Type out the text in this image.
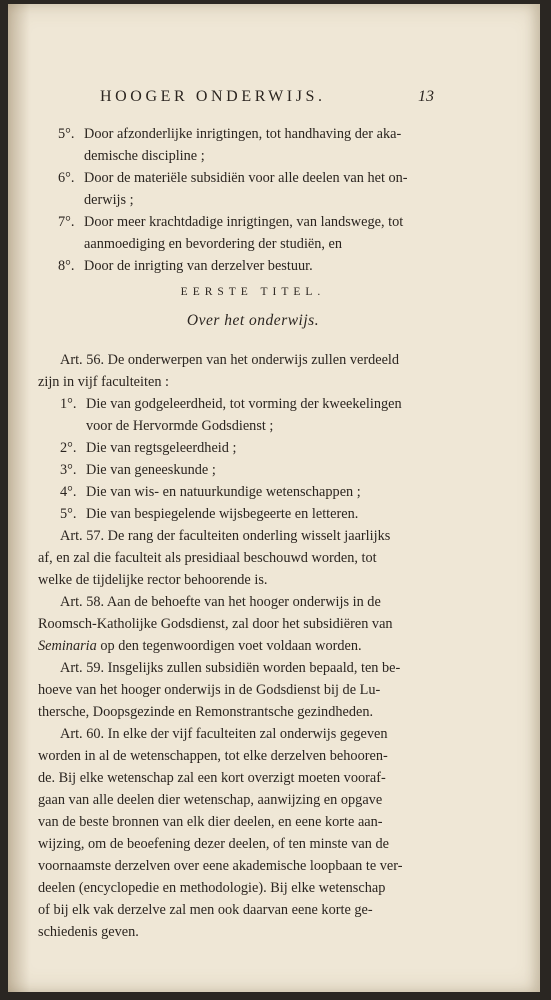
HOOGER ONDERWIJS.	13
5°. Door afzonderlijke inrigtingen, tot handhaving der aka-
demische discipline ;
6°. Door de materiële subsidiën voor alle deelen van het on-
derwijs ;
7°. Door meer krachtdadige inrigtingen, van landswege, tot
aanmoediging en bevordering der studiën, en
8°. Door de inrigting van derzelver bestuur.
EERSTE TITEL.
Over het onderwijs.
Art. 56. De onderwerpen van het onderwijs zullen verdeeld
zijn in vijf faculteiten :
1°. Die van godgeleerdheid, tot vorming der kweekelingen
voor de Hervormde Godsdienst ;
2°. Die van regtsgeleerdheid ;
3°. Die van geneeskunde ;
4°. Die van wis- en natuurkundige wetenschappen ;
5°. Die van bespiegelende wijsbegeerte en letteren.
Art. 57. De rang der faculteiten onderling wisselt jaarlijks
af, en zal die faculteit als presidiaal beschouwd worden, tot
welke de tijdelijke rector behoorende is.
Art. 58. Aan de behoefte van het hooger onderwijs in de
Roomsch-Katholijke Godsdienst, zal door het subsidiëren van
Seminaria op den tegenwoordigen voet voldaan worden.
Art. 59. Insgelijks zullen subsidiën worden bepaald, ten be-
hoeve van het hooger onderwijs in de Godsdienst bij de Lu-
thersche, Doopsgezinde en Remonstrantsche gezindheden.
Art. 60. In elke der vijf faculteiten zal onderwijs gegeven
worden in al de wetenschappen, tot elke derzelven behooren-
de. Bij elke wetenschap zal een kort overzigt moeten vooraf-
gaan van alle deelen dier wetenschap, aanwijzing en opgave
van de beste bronnen van elk dier deelen, en eene korte aan-
wijzing, om de beoefening dezer deelen, of ten minste van de
voornaamste derzelven over eene akademische loopbaan te ver-
deelen (encyclopedie en methodologie). Bij elke wetenschap
of bij elk vak derzelve zal men ook daarvan eene korte ge-
schiedenis geven.
